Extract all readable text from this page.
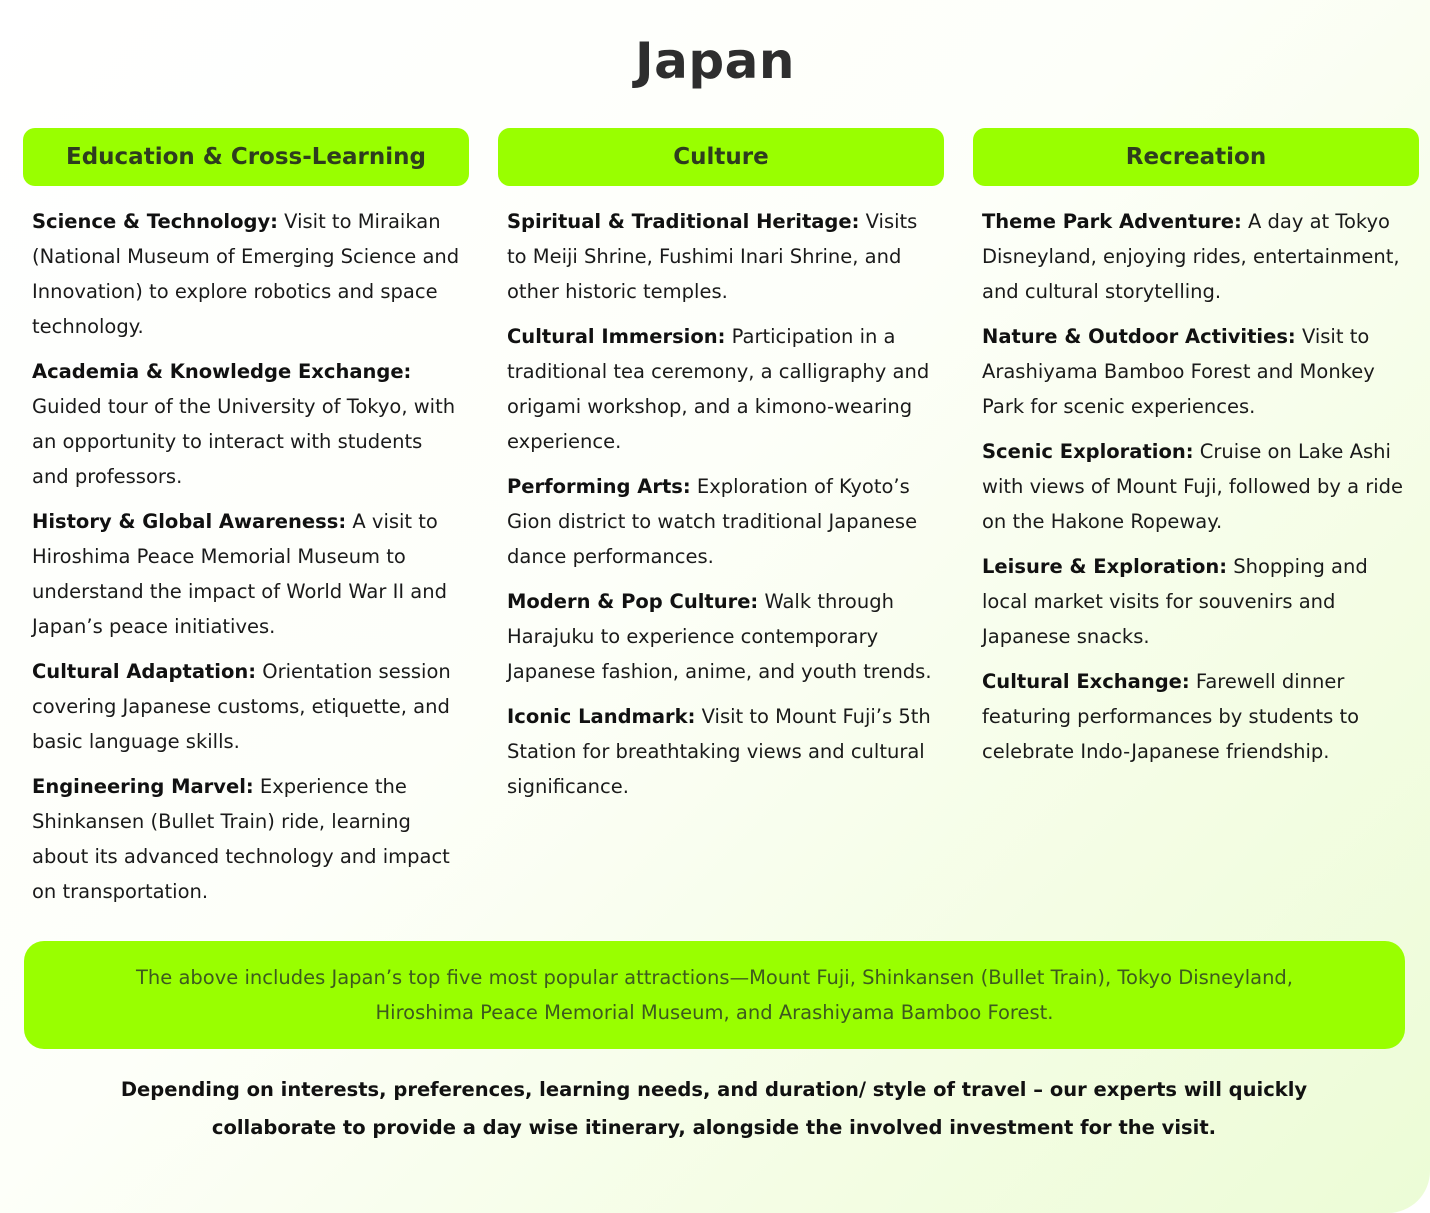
Japan
Education & Cross-Learning

Science & Technology: Visit to Miraikan (National Museum of Emerging Science and Innovation) to explore robotics and space technology.

Academia & Knowledge Exchange: Guided tour of the University of Tokyo, with an opportunity to interact with students and professors.

History & Global Awareness: A visit to Hiroshima Peace Memorial Museum to understand the impact of World War II and Japan’s peace initiatives.

Cultural Adaptation: Orientation session covering Japanese customs, etiquette, and basic language skills.

Engineering Marvel: Experience the Shinkansen (Bullet Train) ride, learning about its advanced technology and impact on transportation.

Culture

Spiritual & Traditional Heritage: Visits to Meiji Shrine, Fushimi Inari Shrine, and other historic temples.

Cultural Immersion: Participation in a traditional tea ceremony, a calligraphy and origami workshop, and a kimono-wearing experience.

Performing Arts: Exploration of Kyoto’s Gion district to watch traditional Japanese dance performances.

Modern & Pop Culture: Walk through Harajuku to experience contemporary Japanese fashion, anime, and youth trends.

Iconic Landmark: Visit to Mount Fuji’s 5th Station for breathtaking views and cultural significance.

Recreation

Theme Park Adventure: A day at Tokyo Disneyland, enjoying rides, entertainment, and cultural storytelling.

Nature & Outdoor Activities: Visit to Arashiyama Bamboo Forest and Monkey Park for scenic experiences.

Scenic Exploration: Cruise on Lake Ashi with views of Mount Fuji, followed by a ride on the Hakone Ropeway.

Leisure & Exploration: Shopping and local market visits for souvenirs and Japanese snacks.

Cultural Exchange: Farewell dinner featuring performances by students to celebrate Indo-Japanese friendship.

The above includes Japan’s top five most popular attractions—Mount Fuji, Shinkansen (Bullet Train), Tokyo Disneyland, Hiroshima Peace Memorial Museum, and Arashiyama Bamboo Forest.
Depending on interests, preferences, learning needs, and duration/ style of travel – our experts will quickly collaborate to provide a day wise itinerary, alongside the involved investment for the visit.
